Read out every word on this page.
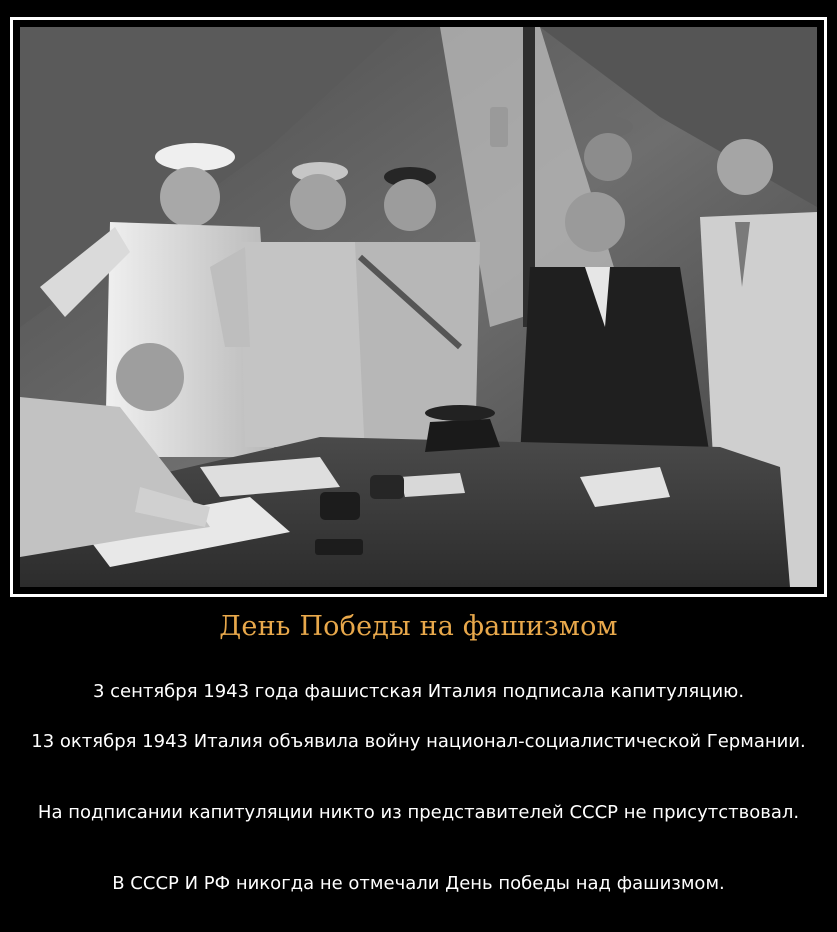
День Победы на фашизмом
3 сентября 1943 года фашистская Италия подписала капитуляцию.
13 октября 1943 Италия объявила войну национал-социалистической Германии.
На подписании капитуляции никто из представителей СССР не присутствовал.
В СССР И РФ никогда не отмечали День победы над фашизмом.
